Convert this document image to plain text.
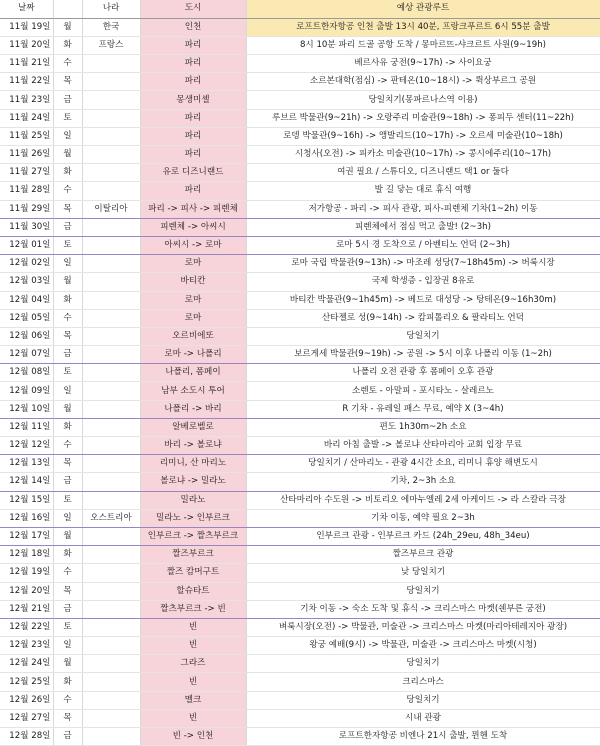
날짜		나라	도시	예상 관광루트
11월 19일	월	한국	인천	로프트한자항공 인천 출발 13시 40분, 프랑크푸르트 6시 55분 출발
11월 20일	화	프랑스	파리	8시 10분 파리 드골 공항 도착 / 몽마르뜨-샤크르트 사원(9~19h)
11월 21일	수		파리	베르사유 궁전(9~17h) -> 사이요궁
11월 22일	목		파리	소르본대학(점심) -> 판테온(10~18시) -> 뤽상부르그 공원
11월 23일	금		몽생미셸	당일치기(몽파르나스역 이용)
11월 24일	토		파리	루브르 박물관(9~21h) -> 오랑주리 미술관(9~18h) -> 퐁피두 센터(11~22h)
11월 25일	일		파리	로뎅 박물관(9~16h) -> 앵발리드(10~17h) -> 오르세 미술관(10~18h)
11월 26일	월		파리	시청사(오전) -> 피카소 미술관(10~17h) -> 콩시에주리(10~17h)
11월 27일	화		유로 디즈니랜드	여권 필요 / 스튜디오, 디즈니랜드 택1 or 둘다
11월 28일	수		파리	발 길 닿는 대로 휴식 여행
11월 29일	목	이탈리아	파리 -> 피사 -> 피렌체	저가항공 - 파리 -> 피사 관광, 피사-피렌체 기차(1~2h) 이동
11월 30일	금		피렌체 -> 아씨시	피렌체에서 점심 먹고 출발! (2~3h)
12월 01일	토		아씨시 -> 로마	로마 5시 경 도착으로 / 아벤티노 언덕 (2~3h)
12월 02일	일		로마	로마 국립 박물관(9~13h) -> 마조레 성당(7~18h45m) -> 버룩시장
12월 03일	월		바티칸	국제 학생증 - 입장권 8유로
12월 04일	화		로마	바티칸 박물관(9~1h45m) -> 베드로 대성당 -> 탕테온(9~16h30m)
12월 05일	수		로마	산타젤로 성(9~14h) -> 캄피톨리오 & 팔라티노 언덕
12월 06일	목		오르비에또	당일치기
12월 07일	금		로마 -> 나폴리	보르게세 박물관(9~19h) -> 공원 -> 5시 이후 나폴리 이동 (1~2h)
12월 08일	토		나폴리, 폼페이	나폴리 오전 관광 후 폼페이 오후 관광
12월 09일	일		남부 소도시 투어	소렌토 - 아말피 - 포시타노 - 살레르노
12월 10일	월		나폴리 -> 바리	R 기차 - 유레일 패스 무료, 예약 X (3~4h)
12월 11일	화		알베로벨로	편도 1h30m~2h 소요
12월 12일	수		바리 -> 볼로냐	바리 아침 출발 -> 볼로냐 산타마리아 교회 입장 무료
12월 13일	목		리미니, 산 마리노	당일치기 / 산마리노 - 관광 4시간 소요, 리미니 휴양 해변도시
12월 14일	금		볼로냐 -> 밀라노	기차, 2~3h 소요
12월 15일	토		밀라노	산타마리아 수도원 -> 비토리오 에마누엘레 2세 아케이드 -> 라 스칼라 극장
12월 16일	일	오스트리아	밀라노 -> 인부르크	기차 이동, 예약 필요 2~3h
12월 17일	월		인부르크 -> 짤츠부르크	인부르크 관광 - 인부르크 카드 (24h_29eu, 48h_34eu)
12월 18일	화		짤즈부르크	짤즈부르크 관광
12월 19일	수		짤즈 캄머구트	낮 당일치기
12월 20일	목		할슈타트	당일치기
12월 21일	금		짤츠부르크 -> 빈	기차 이동 -> 숙소 도착 및 휴식 -> 크리스마스 마켓(쉔부른 궁전)
12월 22일	토		빈	벼룩시장(오전) -> 박물관, 미술관 -> 크리스마스 마켓(마리아테레지아 광장)
12월 23일	일		빈	왕궁 예배(9시) -> 박물관, 미술관 -> 크리스마스 마켓(시청)
12월 24일	월		그라즈	당일치기
12월 25일	화		빈	크리스마스
12월 26일	수		멜크	당일치기
12월 27일	목		빈	시내 관광
12월 28일	금		빈 -> 인천	로프트한자항공 비엔나 21시 출발, 뮌헨 도착
